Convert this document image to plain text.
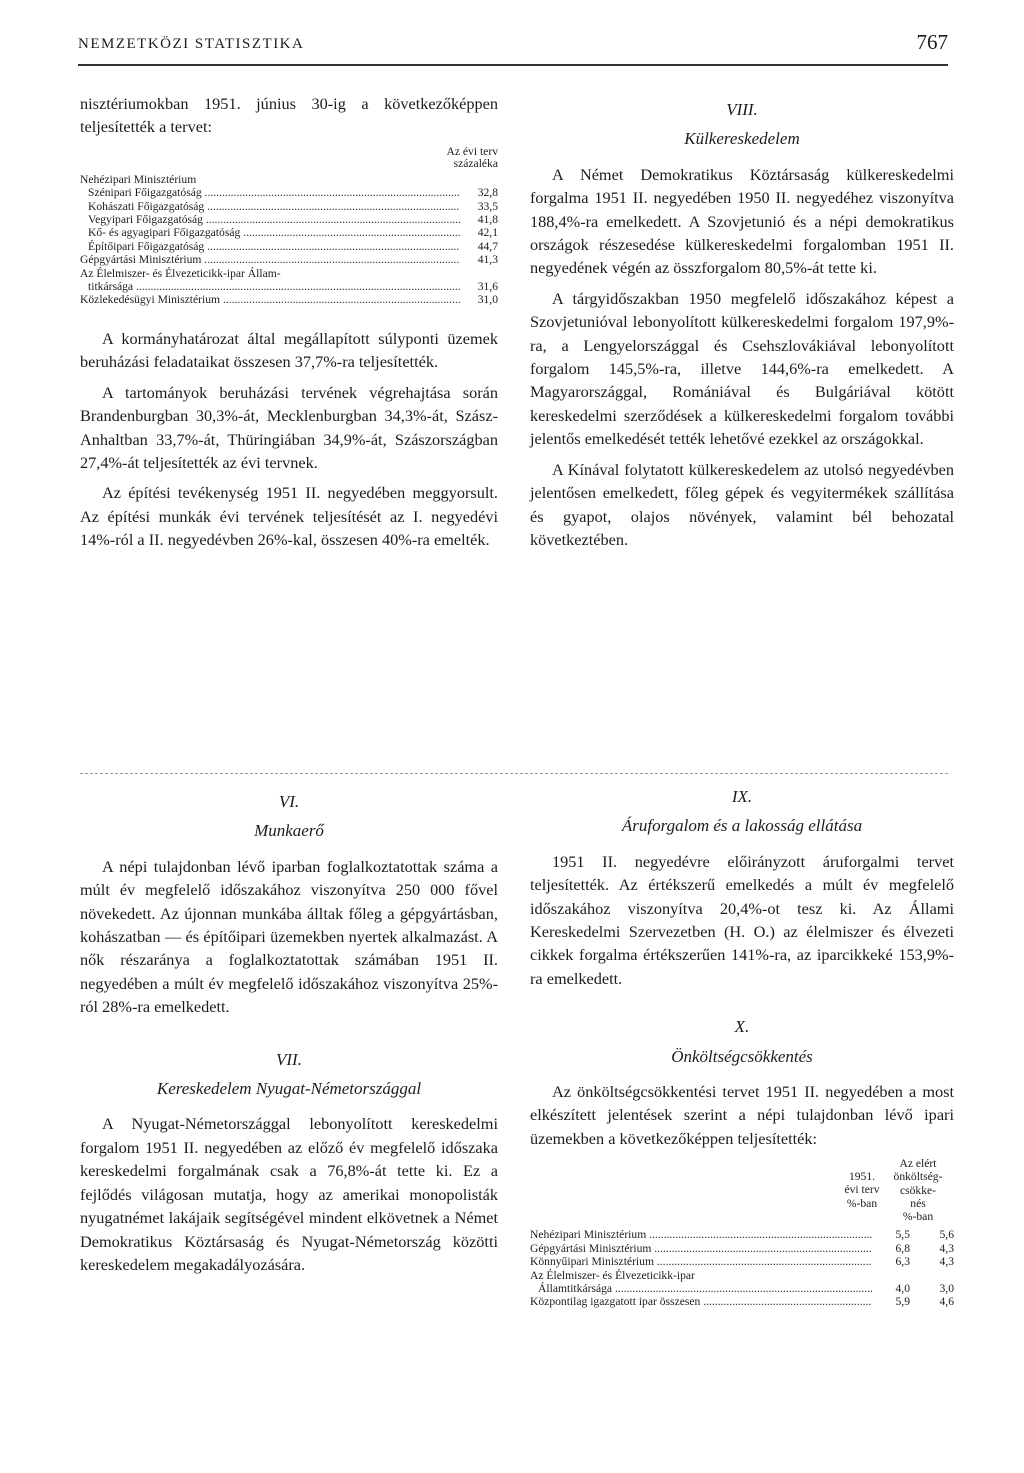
NEMZETKÖZI STATISZTIKA	767

nisztériumokban 1951. június 30-ig a következőképpen teljesítették a tervet:

Az évi terv
százaléka
Nehézipari Minisztérium
Szénipari Főigazgatóság .....	32,8
Kohászati Főigazgatóság .....	33,5
Vegyipari Főigazgatóság .....	41,8
Kő- és agyagipari Főigazgatóság .....	42,1
Építőipari Főigazgatóság .....	44,7
Gépgyártási Minisztérium .....	41,3
Az Élelmiszer- és Élvezeticikk-ipar Állam-
titkársága .....	31,6
Közlekedésügyi Minisztérium .....	31,0

A kormányhatározat által megállapított súlyponti üzemek beruházási feladataikat összesen 37,7%-ra teljesítették.

A tartományok beruházási tervének végrehajtása során Brandenburgban 30,3%-át, Mecklenburgban 34,3%-át, Szász-Anhaltban 33,7%-át, Thüringiában 34,9%-át, Szászországban 27,4%-át teljesítették az évi tervnek.

Az építési tevékenység 1951 II. negyedében meggyorsult. Az építési munkák évi tervének teljesítését az I. negyedévi 14%-ról a II. negyedévben 26%-kal, összesen 40%-ra emelték.

VIII.
Külkereskedelem

A Német Demokratikus Köztársaság külkereskedelmi forgalma 1951 II. negyedében 1950 II. negyedéhez viszonyítva 188,4%-ra emelkedett. A Szovjetunió és a népi demokratikus országok részesedése külkereskedelmi forgalomban 1951 II. negyedének végén az összforgalom 80,5%-át tette ki.

A tárgyidőszakban 1950 megfelelő időszakához képest a Szovjetunióval lebonyolított külkereskedelmi forgalom 197,9%-ra, a Lengyelországgal és Csehszlovákiával lebonyolított forgalom 145,5%-ra, illetve 144,6%-ra emelkedett. A Magyarországgal, Romániával és Bulgáriával kötött kereskedelmi szerződések a külkereskedelmi forgalom további jelentős emelkedését tették lehetővé ezekkel az országokkal.

A Kínával folytatott külkereskedelem az utolsó negyedévben jelentősen emelkedett, főleg gépek és vegyitermékek szállítása és gyapot, olajos növények, valamint bél behozatal következtében.

VI.
Munkaerő

A népi tulajdonban lévő iparban foglalkoztatottak száma a múlt év megfelelő időszakához viszonyítva 250 000 fővel növekedett. Az újonnan munkába álltak főleg a gépgyártásban, kohászatban — és építőipari üzemekben nyertek alkalmazást. A nők részaránya a foglalkoztatottak számában 1951 II. negyedében a múlt év megfelelő időszakához viszonyítva 25%-ról 28%-ra emelkedett.

VII.
Kereskedelem Nyugat-Németországgal

A Nyugat-Németországgal lebonyolított kereskedelmi forgalom 1951 II. negyedében az előző év megfelelő időszaka kereskedelmi forgalmának csak a 76,8%-át tette ki. Ez a fejlődés világosan mutatja, hogy az amerikai monopolisták nyugatnémet lakájaik segítségével mindent elkövetnek a Német Demokratikus Köztársaság és Nyugat-Németország közötti kereskedelem megakadályozására.

IX.
Áruforgalom és a lakosság ellátása

1951 II. negyedévre előirányzott áruforgalmi tervet teljesítették. Az értékszerű emelkedés a múlt év megfelelő időszakához viszonyítva 20,4%-ot tesz ki. Az Állami Kereskedelmi Szervezetben (H. O.) az élelmiszer és élvezeti cikkek forgalma értékszerűen 141%-ra, az iparcikkeké 153,9%-ra emelkedett.

X.
Önköltségcsökkentés

Az önköltségcsökkentési tervet 1951 II. negyedében a most elkészített jelentések szerint a népi tulajdonban lévő ipari üzemekben a következőképpen teljesítették:

1951.
évi terv
%-ban
Az elért
önköltség-
csökke-
nés
%-ban
Nehézipari Minisztérium .....	5,5	5,6
Gépgyártási Minisztérium .....	6,8	4,3
Könnyűipari Minisztérium .....	6,3	4,3
Az Élelmiszer- és Élvezeticikk-ipar
Államtitkársága .....	4,0	3,0
Központilag igazgatott ipar összesen .....	5,9	4,6
